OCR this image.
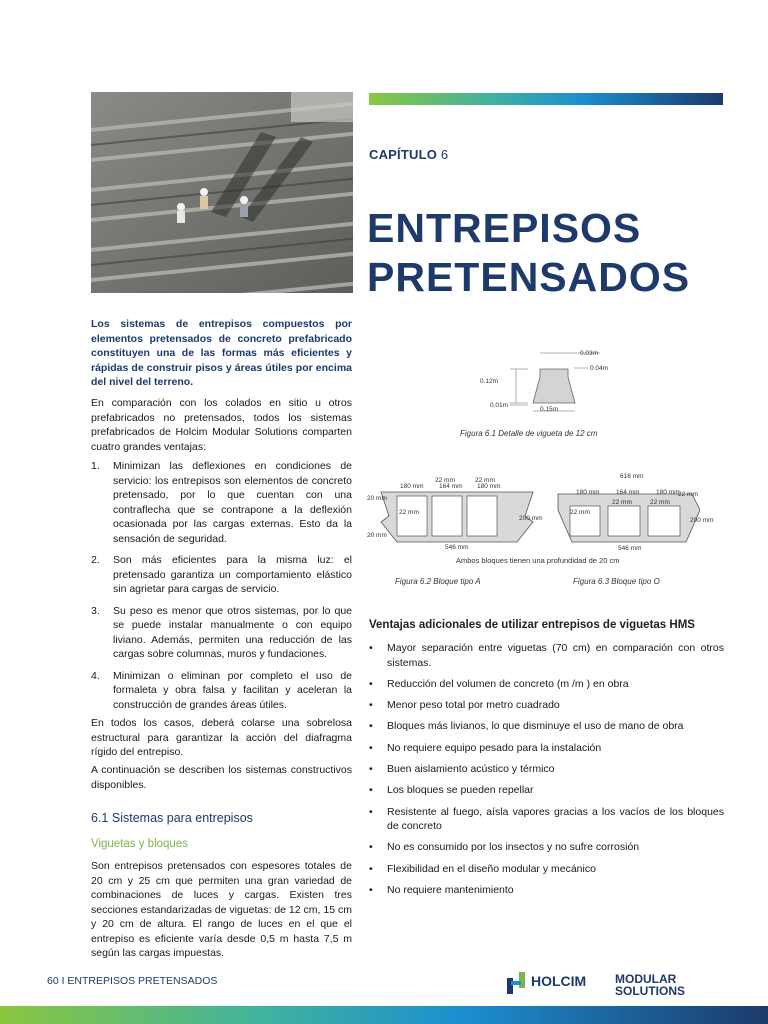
CAPÍTULO 6
ENTREPISOS
PRETENSADOS
Los sistemas de entrepisos compuestos por elementos pretensados de concreto prefabricado constituyen una de las formas más eficientes y rápidas de construir pisos y áreas útiles por encima del nivel del terreno.
En comparación con los colados en sitio u otros prefabricados no pretensados, todos los sistemas prefabricados de Holcim Modular Solutions comparten cuatro grandes ventajas:
1. Minimizan las deflexiones en condiciones de servicio: los entrepisos son elementos de concreto pretensado, por lo que cuentan con una contraflecha que se contrapone a la deflexión ocasionada por las cargas externas. Esto da la sensación de seguridad.
2. Son más eficientes para la misma luz: el pretensado garantiza un comportamiento elástico sin agrietar para cargas de servicio.
3. Su peso es menor que otros sistemas, por lo que se puede instalar manualmente o con equipo liviano. Además, permiten una reducción de las cargas sobre columnas, muros y fundaciones.
4. Minimizan o eliminan por completo el uso de formaleta y obra falsa y facilitan y aceleran la construcción de grandes áreas útiles.
En todos los casos, deberá colarse una sobrelosa estructural para garantizar la acción del diafragma rígido del entrepiso.
A continuación se describen los sistemas constructivos disponibles.
6.1 Sistemas para entrepisos
Viguetas y bloques
Son entrepisos pretensados con espesores totales de 20 cm y 25 cm que permiten una gran variedad de combinaciones de luces y cargas. Existen tres secciones estandarizadas de viguetas: de 12 cm, 15 cm y 20 cm de altura. El rango de luces en el que el entrepiso es eficiente varía desde 0,5 m hasta 7,5 m según las cargas impuestas.
0.03m
0.04m
0.12m
0.01m
0.15m
Figura 6.1 Detalle de vigueta de 12 cm
22 mm	22 mm
180 mm 164 mm 180 mm
20 mm
22 mm
200 mm
20 mm
546 mm
616 mm
22 mm
180 mm	164 mm	180 mm
22 mm
22 mm	22 mm
200 mm
546 mm
Ambos bloques tienen una profundidad de 20 cm
Figura 6.2 Bloque tipo A	Figura 6.3 Bloque tipo O
Ventajas adicionales de utilizar entrepisos de viguetas HMS
• Mayor separación entre viguetas (70 cm) en comparación con otros sistemas.
• Reducción del volumen de concreto (m /m ) en obra
• Menor peso total por metro cuadrado
• Bloques más livianos, lo que disminuye el uso de mano de obra
• No requiere equipo pesado para la instalación
• Buen aislamiento acústico y térmico
• Los bloques se pueden repellar
• Resistente al fuego, aísla vapores gracias a los vacíos de los bloques de concreto
• No es consumido por los insectos y no sufre corrosión
• Flexibilidad en el diseño modular y mecánico
• No requiere mantenimiento
60 I ENTREPISOS PRETENSADOS	HOLCIM MODULAR
SOLUTIONS
